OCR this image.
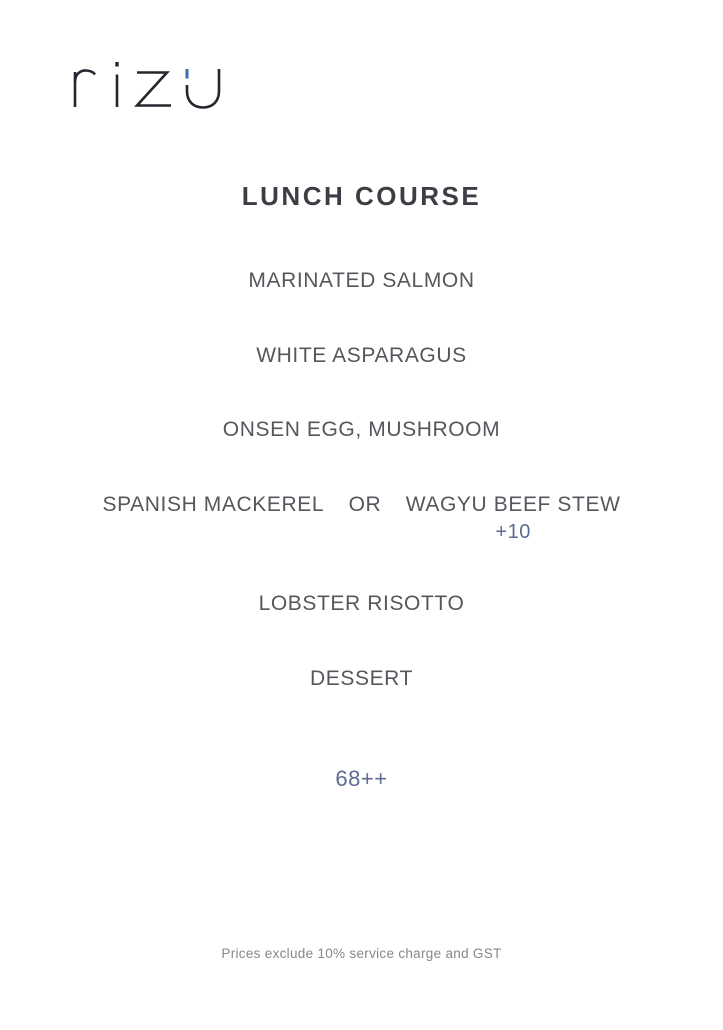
LUNCH COURSE
MARINATED SALMON
WHITE ASPARAGUS
ONSEN EGG, MUSHROOM
SPANISH MACKEREL OR WAGYU BEEF STEW
+10
LOBSTER RISOTTO
DESSERT
68++
Prices exclude 10% service charge and GST
